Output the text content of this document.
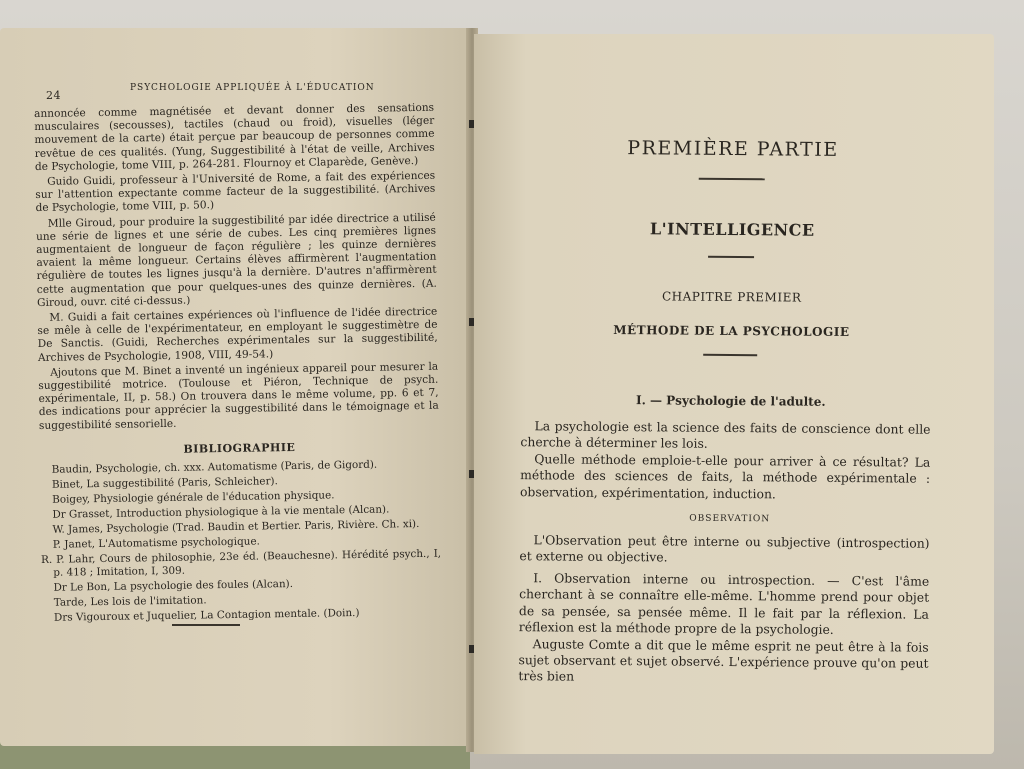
24
PSYCHOLOGIE APPLIQUÉE À L'ÉDUCATION

annoncée comme magnétisée et devant donner des sensations musculaires (secousses), tactiles (chaud ou froid), visuelles (léger mouvement de la carte) était perçue par beaucoup de personnes comme revêtue de ces qualités. (Yung, Suggestibilité à l'état de veille, Archives de Psychologie, tome VIII, p. 264-281. Flournoy et Claparède, Genève.)

Guido Guidi, professeur à l'Université de Rome, a fait des expériences sur l'attention expectante comme facteur de la suggestibilité. (Archives de Psychologie, tome VIII, p. 50.)

Mlle Giroud, pour produire la suggestibilité par idée directrice a utilisé une série de lignes et une série de cubes. Les cinq premières lignes augmentaient de longueur de façon régulière ; les quinze dernières avaient la même longueur. Certains élèves affirmèrent l'augmentation régulière de toutes les lignes jusqu'à la dernière. D'autres n'affirmèrent cette augmentation que pour quelques-unes des quinze dernières. (A. Giroud, ouvr. cité ci-dessus.)

M. Guidi a fait certaines expériences où l'influence de l'idée directrice se mêle à celle de l'expérimentateur, en employant le suggestimètre de De Sanctis. (Guidi, Recherches expérimentales sur la suggestibilité, Archives de Psychologie, 1908, VIII, 49-54.)

Ajoutons que M. Binet a inventé un ingénieux appareil pour mesurer la suggestibilité motrice. (Toulouse et Piéron, Technique de psych. expérimentale, II, p. 58.) On trouvera dans le même volume, pp. 6 et 7, des indications pour apprécier la suggestibilité dans le témoignage et la suggestibilité sensorielle.

BIBLIOGRAPHIE

Baudin, Psychologie, ch. xxx. Automatisme (Paris, de Gigord).

Binet, La suggestibilité (Paris, Schleicher).

Boigey, Physiologie générale de l'éducation physique.

Dr Grasset, Introduction physiologique à la vie mentale (Alcan).

W. James, Psychologie (Trad. Baudin et Bertier. Paris, Rivière. Ch. xi).

P. Janet, L'Automatisme psychologique.

R. P. Lahr, Cours de philosophie, 23e éd. (Beauchesne). Hérédité psych., I, p. 418 ; Imitation, I, 309.

Dr Le Bon, La psychologie des foules (Alcan).

Tarde, Les lois de l'imitation.

Drs Vigouroux et Juquelier, La Contagion mentale. (Doin.)

PREMIÈRE PARTIE
L'INTELLIGENCE
CHAPITRE PREMIER
MÉTHODE DE LA PSYCHOLOGIE
I. — Psychologie de l'adulte.

La psychologie est la science des faits de conscience dont elle cherche à déterminer les lois.

Quelle méthode emploie-t-elle pour arriver à ce résultat? La méthode des sciences de faits, la méthode expérimentale : observation, expérimentation, induction.

OBSERVATION

L'Observation peut être interne ou subjective (introspection) et externe ou objective.

I. Observation interne ou introspection. — C'est l'âme cherchant à se connaître elle-même. L'homme prend pour objet de sa pensée, sa pensée même. Il le fait par la réflexion. La réflexion est la méthode propre de la psychologie.

Auguste Comte a dit que le même esprit ne peut être à la fois sujet observant et sujet observé. L'expérience prouve qu'on peut très bien
